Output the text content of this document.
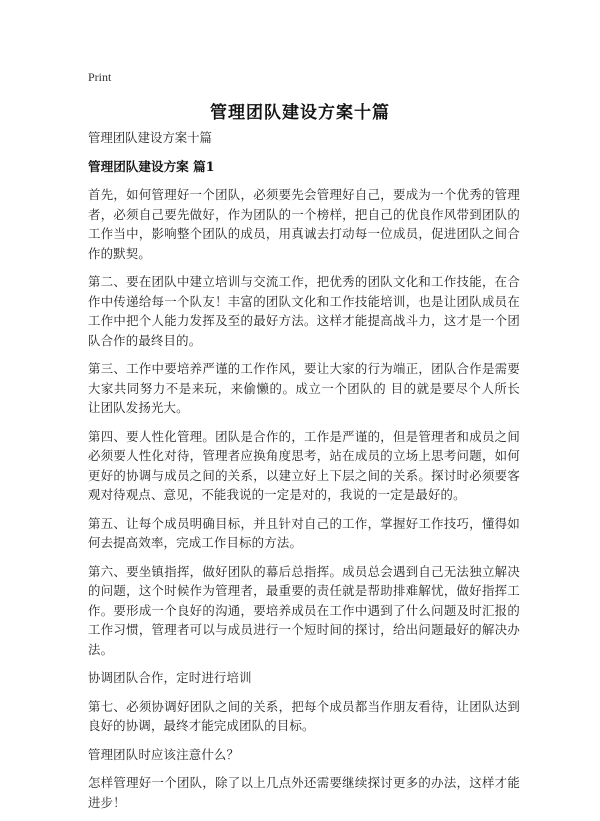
Print
管理团队建设方案十篇

管理团队建设方案十篇

管理团队建设方案 篇1

首先，如何管理好一个团队，必须要先会管理好自己，要成为一个优秀的管理者，必须自己要先做好，作为团队的一个榜样，把自己的优良作风带到团队的工作当中，影响整个团队的成员，用真诚去打动每一位成员，促进团队之间合作的默契。

第二、要在团队中建立培训与交流工作，把优秀的团队文化和工作技能，在合作中传递给每一个队友！丰富的团队文化和工作技能培训，也是让团队成员在工作中把个人能力发挥及至的最好方法。这样才能提高战斗力，这才是一个团队合作的最终目的。

第三、工作中要培养严谨的工作作风，要让大家的行为端正，团队合作是需要大家共同努力不是来玩，来偷懒的。成立一个团队的 目的就是要尽个人所长让团队发扬光大。

第四、要人性化管理。团队是合作的，工作是严谨的，但是管理者和成员之间必须要人性化对待，管理者应换角度思考，站在成员的立场上思考问题，如何更好的协调与成员之间的关系，以建立好上下层之间的关系。探讨时必须要客观对待观点、意见，不能我说的一定是对的，我说的一定是最好的。

第五、让每个成员明确目标，并且针对自己的工作，掌握好工作技巧，懂得如何去提高效率，完成工作目标的方法。

第六、要坐镇指挥，做好团队的幕后总指挥。成员总会遇到自己无法独立解决的问题，这个时候作为管理者，最重要的责任就是帮助排难解忧，做好指挥工作。要形成一个良好的沟通，要培养成员在工作中遇到了什么问题及时汇报的工作习惯，管理者可以与成员进行一个短时间的探讨，给出问题最好的解决办法。

协调团队合作，定时进行培训

第七、必须协调好团队之间的关系，把每个成员都当作朋友看待，让团队达到良好的协调，最终才能完成团队的目标。

管理团队时应该注意什么？

怎样管理好一个团队，除了以上几点外还需要继续探讨更多的办法，这样才能进步！
